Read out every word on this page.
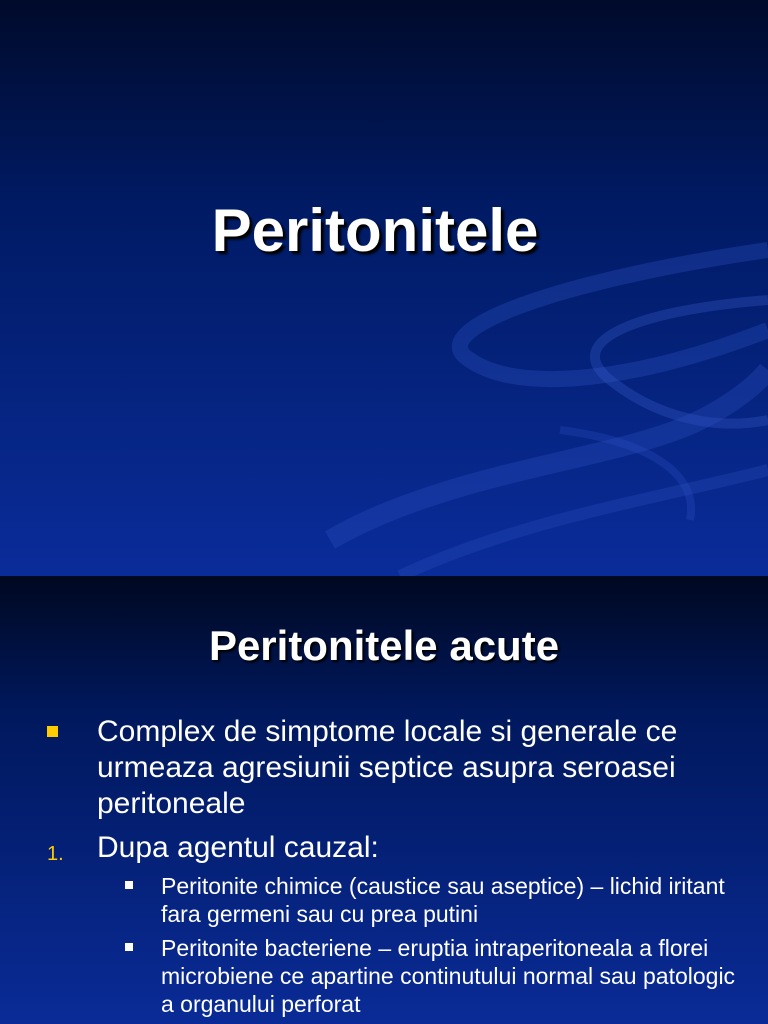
Peritonitele
Peritonitele acute
Complex de simptome locale si generale ce urmeaza agresiunii septice asupra seroasei peritoneale
1. Dupa agentul cauzal:
Peritonite chimice (caustice sau aseptice) – lichid iritant fara germeni sau cu prea putini
Peritonite bacteriene – eruptia intraperitoneala a florei microbiene ce apartine continutului normal sau patologic a organului perforat
